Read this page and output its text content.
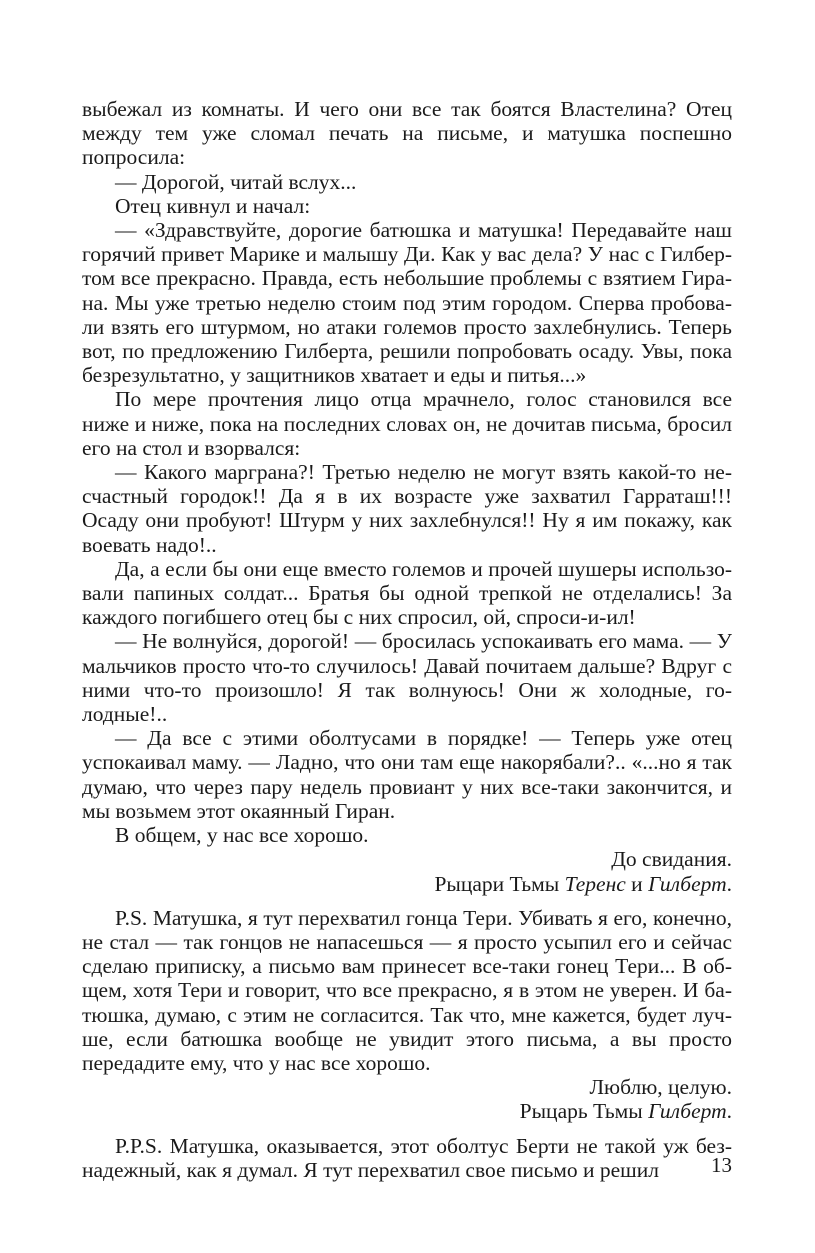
выбежал из комнаты. И чего они все так боятся Властелина? Отец между тем уже сломал печать на письме, и матушка поспешно попросила:

— Дорогой, читай вслух...

Отец кивнул и начал:

— «Здравствуйте, дорогие батюшка и матушка! Передавайте наш горячий привет Марике и малышу Ди. Как у вас дела? У нас с Гилбертом все прекрасно. Правда, есть небольшие проблемы с взятием Гирана. Мы уже третью неделю стоим под этим городом. Сперва пробовали взять его штурмом, но атаки големов просто захлебнулись. Теперь вот, по предложению Гилберта, решили попробовать осаду. Увы, пока безрезультатно, у защитников хватает и еды и питья...»

По мере прочтения лицо отца мрачнело, голос становился все ниже и ниже, пока на последних словах он, не дочитав письма, бросил его на стол и взорвался:

— Какого марграна?! Третью неделю не могут взять какой-то несчастный городок!! Да я в их возрасте уже захватил Гарраташ!!! Осаду они пробуют! Штурм у них захлебнулся!! Ну я им покажу, как воевать надо!..

Да, а если бы они еще вместо големов и прочей шушеры использовали папиных солдат... Братья бы одной трепкой не отделались! За каждого погибшего отец бы с них спросил, ой, спроси-и-ил!

— Не волнуйся, дорогой! — бросилась успокаивать его мама. — У мальчиков просто что-то случилось! Давай почитаем дальше? Вдруг с ними что-то произошло! Я так волнуюсь! Они ж холодные, голодные!..

— Да все с этими оболтусами в порядке! — Теперь уже отец успокаивал маму. — Ладно, что они там еще накорябали?.. «...но я так думаю, что через пару недель провиант у них все-таки закончится, и мы возьмем этот окаянный Гиран.

В общем, у нас все хорошо.

До свидания.

Рыцари Тьмы Теренс и Гилберт.

P.S. Матушка, я тут перехватил гонца Тери. Убивать я его, конечно, не стал — так гонцов не напасешься — я просто усыпил его и сейчас сделаю приписку, а письмо вам принесет все-таки гонец Тери... В общем, хотя Тери и говорит, что все прекрасно, я в этом не уверен. И батюшка, думаю, с этим не согласится. Так что, мне кажется, будет лучше, если батюшка вообще не увидит этого письма, а вы просто передадите ему, что у нас все хорошо.

Люблю, целую.

Рыцарь Тьмы Гилберт.

P.P.S. Матушка, оказывается, этот оболтус Берти не такой уж безнадежный, как я думал. Я тут перехватил свое письмо и решил	13
